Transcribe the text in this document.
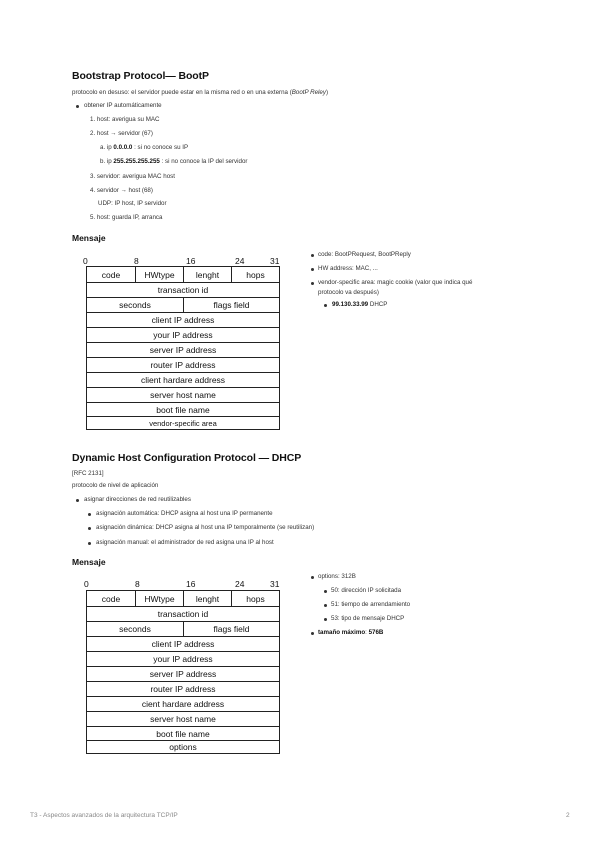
Bootstrap Protocol— BootP
protocolo en desuso: el servidor puede estar en la misma red o en una externa (BootP Reley)
obtener IP automáticamente
1. host: averigua su MAC
2. host → servidor (67)
a. ip 0.0.0.0 : si no conoce su IP
b. ip 255.255.255.255 : si no conoce la IP del servidor
3. servidor: averigua MAC host
4. servidor → host (68)
UDP: IP host, IP servidor
5. host: guarda IP, arranca
Mensaje
0	8	16	24	31
code	HWtype	lenght	hops
transaction id
seconds	flags field
client IP address
your IP address
server IP address
router IP address
client hardare address
server host name
boot file name
vendor-specific area
code: BootPRequest, BootPReply
HW address: MAC, ...
vendor-specific area: magic cookie (valor que indica qué
protocolo va después)
99.130.33.99 DHCP
Dynamic Host Configuration Protocol — DHCP
[RFC 2131]
protocolo de nivel de aplicación
asignar direcciones de red reutilizables
asignación automática: DHCP asigna al host una IP permanente
asignación dinámica: DHCP asigna al host una IP temporalmente (se reutilizan)
asignación manual: el administrador de red asigna una IP al host
Mensaje
0	8	16	24	31
code	HWtype	lenght	hops
transaction id
seconds	flags field
client IP address
your IP address
server IP address
router IP address
cient hardare address
server host name
boot file name
options
options: 312B
50: dirección IP solicitada
51: tiempo de arrendamiento
53: tipo de mensaje DHCP
tamaño máximo: 576B
T3 - Aspectos avanzados de la arquitectura TCP/IP	2
